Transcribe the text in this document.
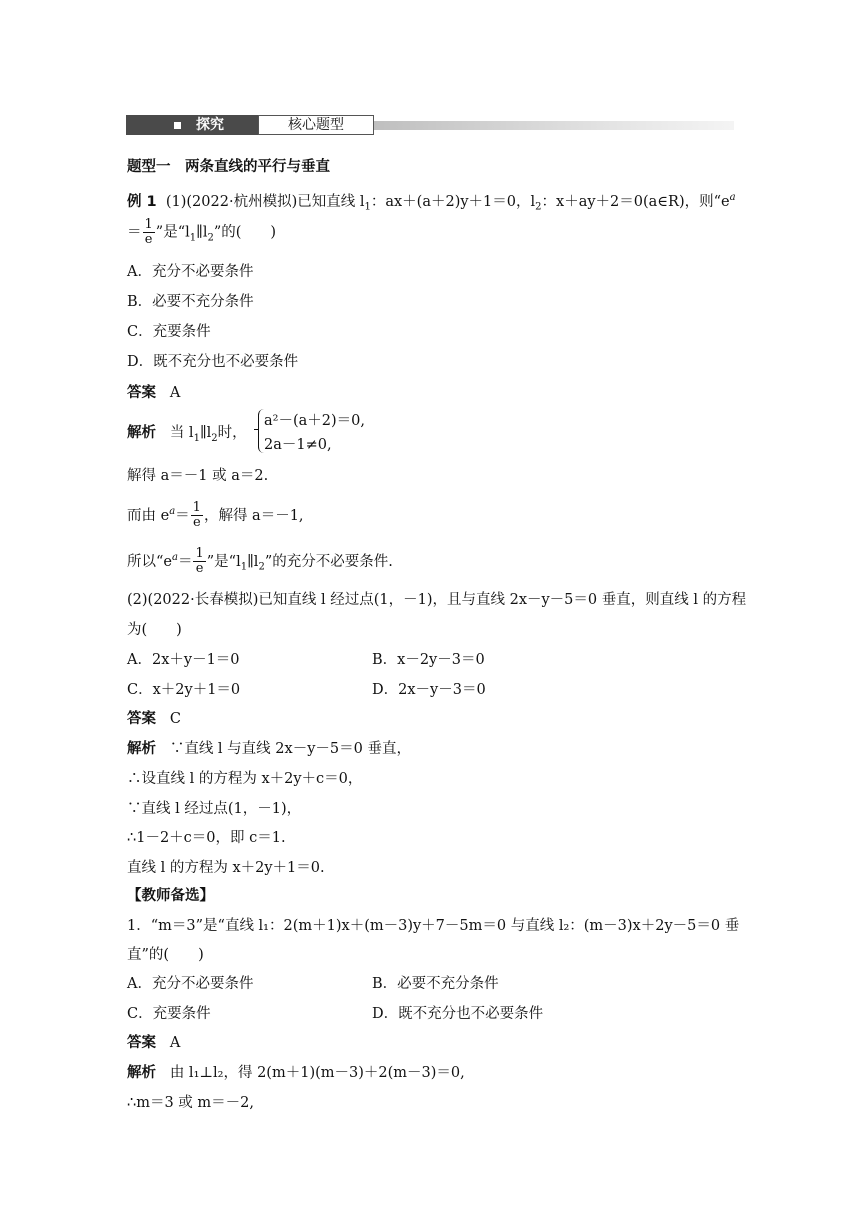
探究	核心题型
题型一　两条直线的平行与垂直
例 1 (1)(2022·杭州模拟)已知直线 $l_1$：ax＋(a＋2)y＋1＝0，$l_2$：x＋ay＋2＝0(a∈R)，则“$e^a$
＝ $\frac{1}{e}$ ”是“$l_1\parallel l_2$”的(　　)
A．充分不必要条件
B．必要不充分条件
C．充要条件
D．既不充分也不必要条件
答案 A
解析 当 $l_1\parallel l_2$时，
a²－(a＋2)＝0,
2a－1≠0,
解得 a＝－1 或 a＝2.
而由 $e^a= \frac{1}{e}$ ，解得 a＝－1,
所以“$e^a= \frac{1}{e}$ ”是“$l_1\parallel l_2$”的充分不必要条件.
(2)(2022·长春模拟)已知直线 l 经过点(1，－1)，且与直线 2x－y－5＝0 垂直，则直线 l 的方程
为(　　)
A．2x＋y－1＝0	B．x－2y－3＝0
C．x＋2y＋1＝0	D．2x－y－3＝0
答案 C
解析 ∵直线 l 与直线 2x－y－5＝0 垂直，
∴设直线 l 的方程为 x＋2y＋c＝0，
∵直线 l 经过点(1，－1)，
∴1－2＋c＝0，即 c＝1.
直线 l 的方程为 x＋2y＋1＝0.
【教师备选】
1．“m＝3”是“直线 l₁：2(m＋1)x＋(m－3)y＋7－5m＝0 与直线 l₂：(m－3)x＋2y－5＝0 垂
直”的(　　)
A．充分不必要条件	B．必要不充分条件
C．充要条件	D．既不充分也不必要条件
答案 A
解析 由 l₁⊥l₂，得 2(m＋1)(m－3)＋2(m－3)＝0,
∴m＝3 或 m＝－2,
